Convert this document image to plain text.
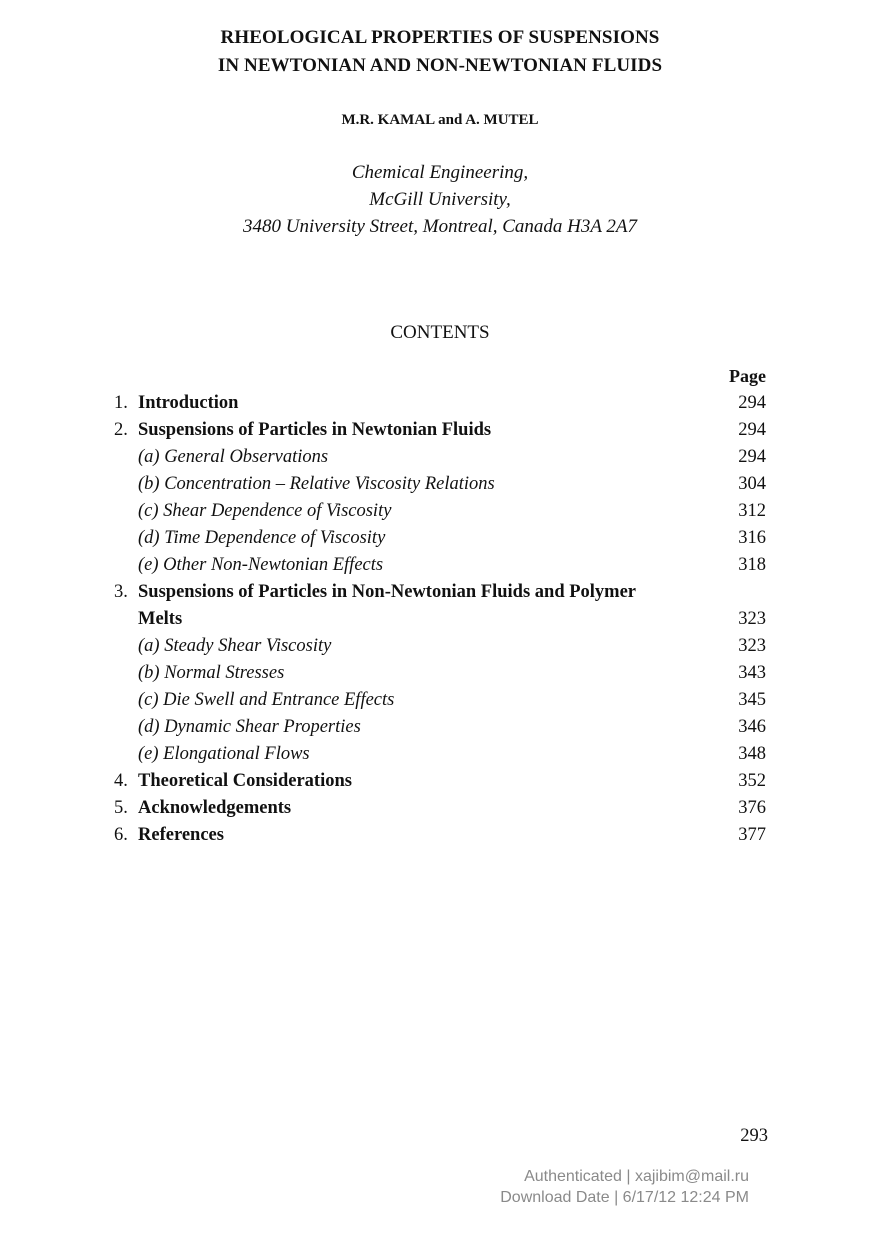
RHEOLOGICAL PROPERTIES OF SUSPENSIONS
IN NEWTONIAN AND NON-NEWTONIAN FLUIDS
M.R. KAMAL and A. MUTEL
Chemical Engineering,
McGill University,
3480 University Street, Montreal, Canada H3A 2A7
CONTENTS
Page
1. Introduction	294
2. Suspensions of Particles in Newtonian Fluids	294
(a) General Observations	294
(b) Concentration – Relative Viscosity Relations	304
(c) Shear Dependence of Viscosity	312
(d) Time Dependence of Viscosity	316
(e) Other Non-Newtonian Effects	318
3. Suspensions of Particles in Non-Newtonian Fluids and Polymer
Melts	323
(a) Steady Shear Viscosity	323
(b) Normal Stresses	343
(c) Die Swell and Entrance Effects	345
(d) Dynamic Shear Properties	346
(e) Elongational Flows	348
4. Theoretical Considerations	352
5. Acknowledgements	376
6. References	377
293
Authenticated | xajibim@mail.ru
Download Date | 6/17/12 12:24 PM
